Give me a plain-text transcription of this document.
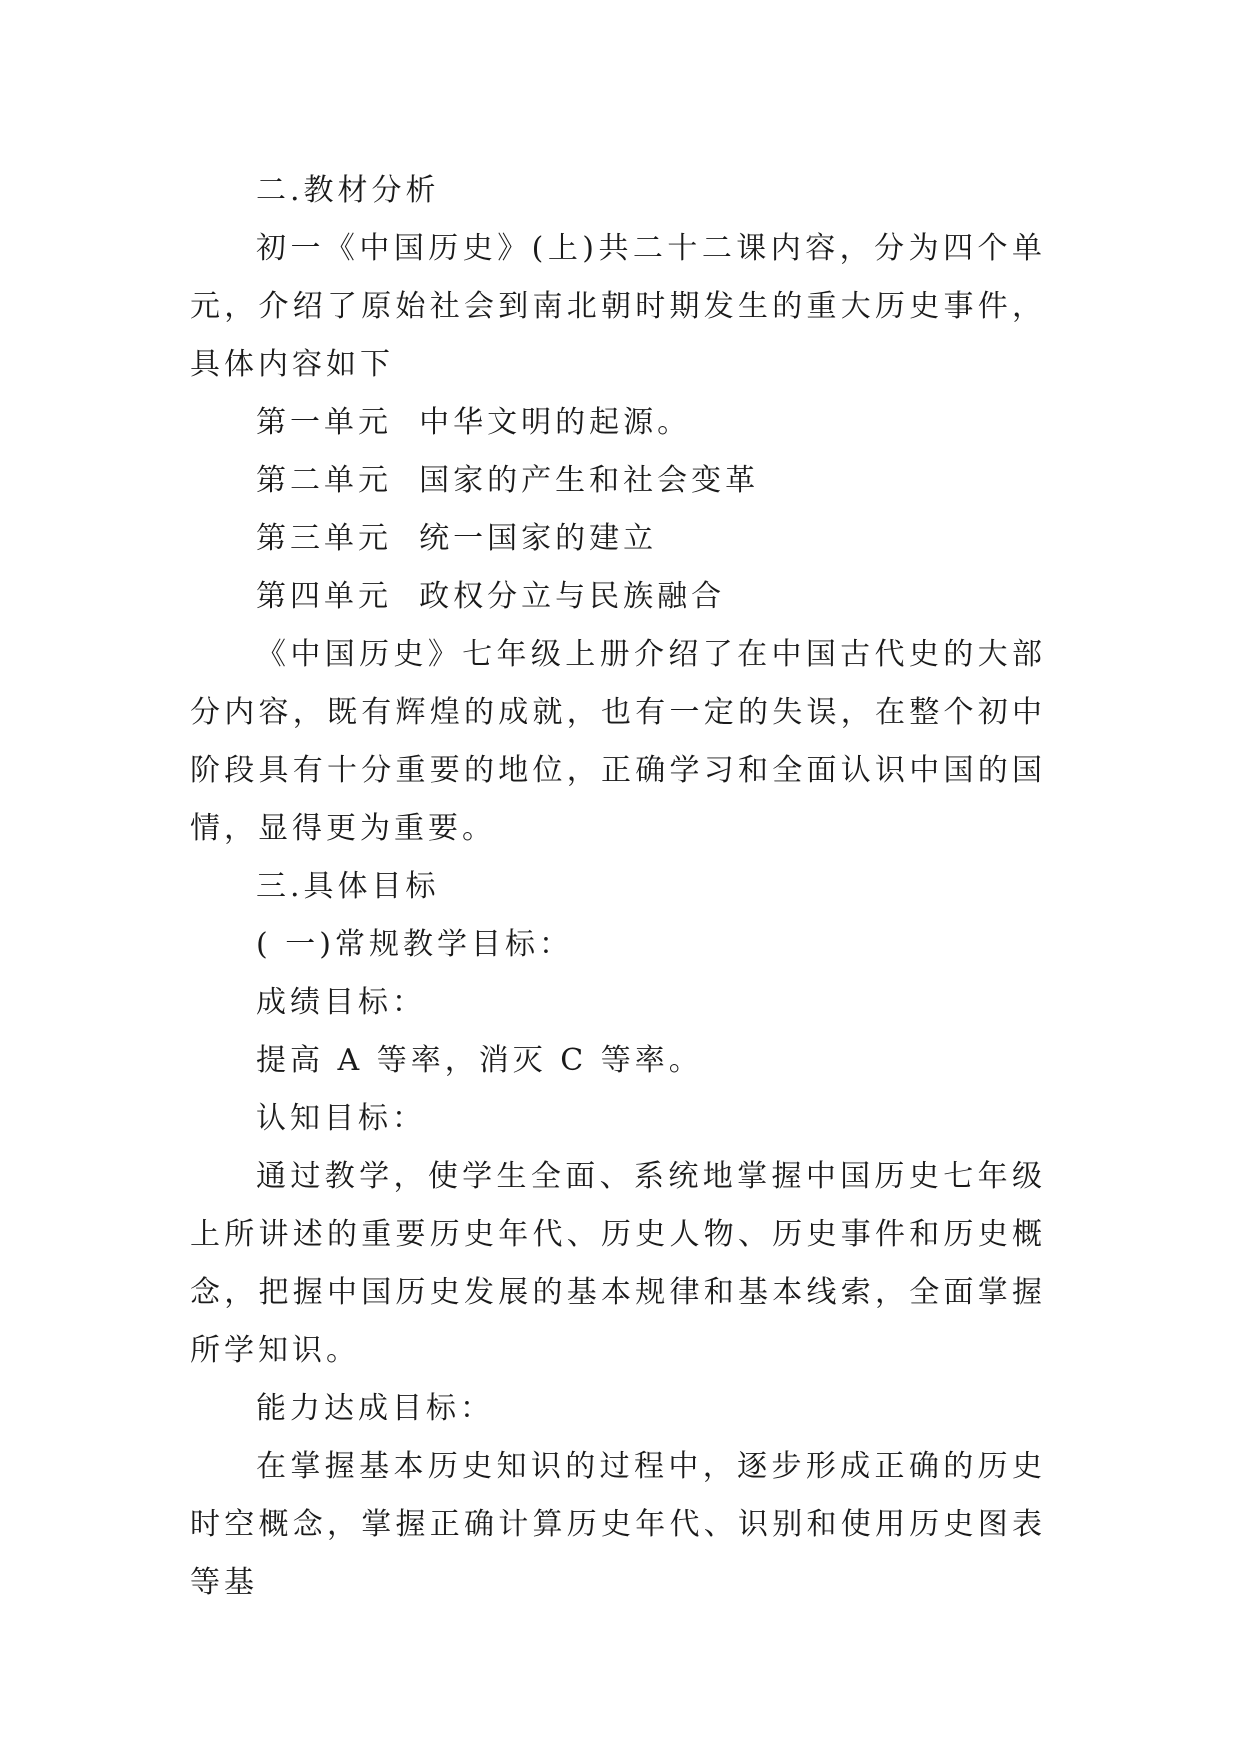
二.教材分析

初一《中国历史》(上)共二十二课内容，分为四个单元，介绍了原始社会到南北朝时期发生的重大历史事件，具体内容如下

第一单元  中华文明的起源。

第二单元  国家的产生和社会变革

第三单元  统一国家的建立

第四单元  政权分立与民族融合

《中国历史》七年级上册介绍了在中国古代史的大部分内容，既有辉煌的成就，也有一定的失误，在整个初中阶段具有十分重要的地位，正确学习和全面认识中国的国情，显得更为重要。

三.具体目标

( 一)常规教学目标：

成绩目标：

提高 A 等率，消灭 C 等率。

认知目标：

通过教学，使学生全面、系统地掌握中国历史七年级上所讲述的重要历史年代、历史人物、历史事件和历史概念，把握中国历史发展的基本规律和基本线索，全面掌握所学知识。

能力达成目标：

在掌握基本历史知识的过程中，逐步形成正确的历史时空概念，掌握正确计算历史年代、识别和使用历史图表等基
